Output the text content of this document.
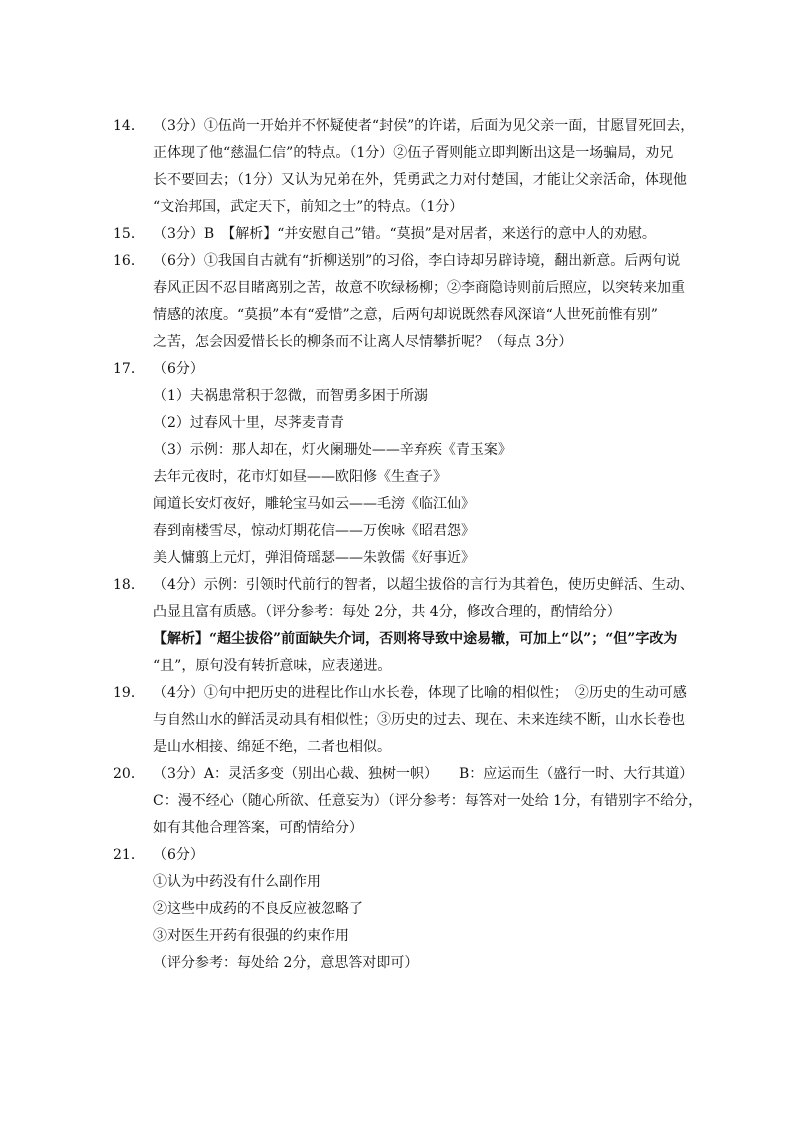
14． （3分）①伍尚一开始并不怀疑使者“封侯”的许诺，后面为见父亲一面，甘愿冒死回去，
正体现了他“慈温仁信”的特点。（1分）②伍子胥则能立即判断出这是一场骗局，劝兄
长不要回去；（1分）又认为兄弟在外，凭勇武之力对付楚国，才能让父亲活命，体现他
“文治邦国，武定天下，前知之士”的特点。（1分）
15． （3分）B　【解析】“并安慰自己”错。“莫损”是对居者，来送行的意中人的劝慰。
16． （6分）①我国自古就有“折柳送别”的习俗，李白诗却另辟诗境，翻出新意。后两句说
春风正因不忍目睹离别之苦，故意不吹绿杨柳；②李商隐诗则前后照应，以突转来加重
情感的浓度。“莫损”本有“爱惜”之意，后两句却说既然春风深谙“人世死前惟有别”
之苦，怎会因爱惜长长的柳条而不让离人尽情攀折呢？（每点 3分）
17． （6分）
（1）夫祸患常积于忽微，而智勇多困于所溺
（2）过春风十里，尽荠麦青青
（3）示例：那人却在，灯火阑珊处——辛弃疾《青玉案》
去年元夜时，花市灯如昼——欧阳修《生查子》
闻道长安灯夜好，雕轮宝马如云——毛滂《临江仙》
春到南楼雪尽，惊动灯期花信——万俟咏《昭君怨》
美人慵翦上元灯，弹泪倚瑶瑟——朱敦儒《好事近》
18． （4分）示例：引领时代前行的智者，以超尘拔俗的言行为其着色，使历史鲜活、生动、
凸显且富有质感。（评分参考：每处 2分，共 4分，修改合理的，酌情给分）
【解析】“超尘拔俗”前面缺失介词，否则将导致中途易辙，可加上“以”；“但”字改为
“且”，原句没有转折意味，应表递进。
19． （4分）①句中把历史的进程比作山水长卷，体现了比喻的相似性；　②历史的生动可感
与自然山水的鲜活灵动具有相似性；③历史的过去、现在、未来连续不断，山水长卷也
是山水相接、绵延不绝，二者也相似。
20． （3分）A：灵活多变（别出心裁、独树一帜）　　B：应运而生（盛行一时、大行其道）
C：漫不经心（随心所欲、任意妄为）（评分参考：每答对一处给 1分，有错别字不给分，
如有其他合理答案，可酌情给分）
21． （6分）
①认为中药没有什么副作用
②这些中成药的不良反应被忽略了
③对医生开药有很强的约束作用
（评分参考：每处给 2分，意思答对即可）
